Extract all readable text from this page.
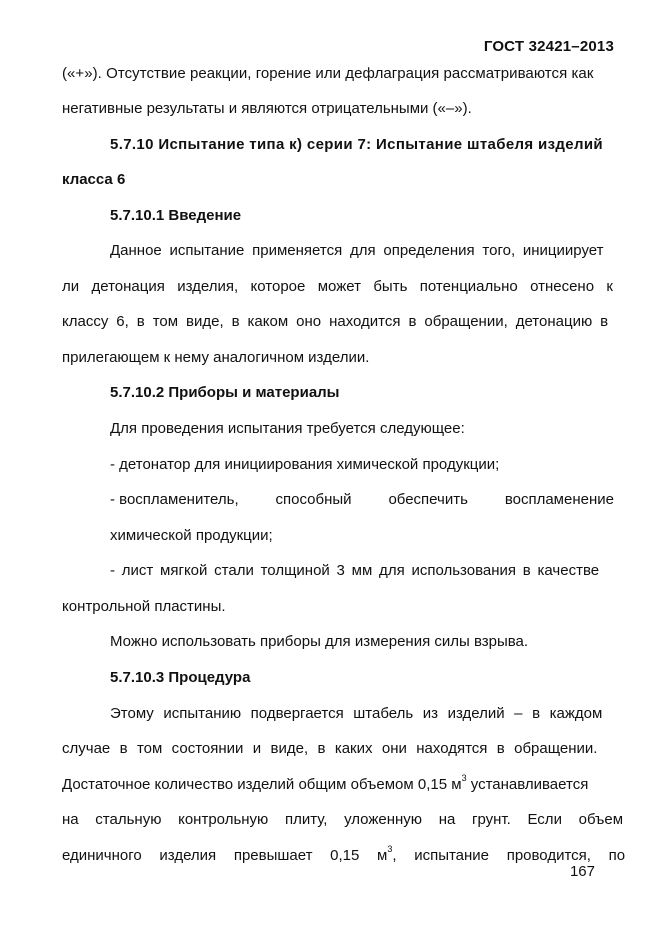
ГОСТ 32421–2013
(«+»). Отсутствие реакции, горение или дефлаграция рассматриваются как
негативные результаты и являются отрицательными («–»).
5.7.10 Испытание типа к) серии 7: Испытание штабеля изделий
класса 6
5.7.10.1 Введение
Данное испытание применяется для определения того, инициирует
ли детонация изделия, которое может быть потенциально отнесено к
классу 6, в том виде, в каком оно находится в обращении, детонацию в
прилегающем к нему аналогичном изделии.
5.7.10.2 Приборы и материалы
Для проведения испытания требуется следующее:
- детонатор для инициирования химической продукции;
- воспламенитель, способный обеспечить воспламенение
химической продукции;
- лист мягкой стали толщиной 3 мм для использования в качестве
контрольной пластины.
Можно использовать приборы для измерения силы взрыва.
5.7.10.3 Процедура
Этому испытанию подвергается штабель из изделий – в каждом
случае в том состоянии и виде, в каких они находятся в обращении.
Достаточное количество изделий общим объемом 0,15 $м^3$ устанавливается
на стальную контрольную плиту, уложенную на грунт. Если объем
единичного изделия превышает 0,15 $м^3$, испытание проводится, по
167
